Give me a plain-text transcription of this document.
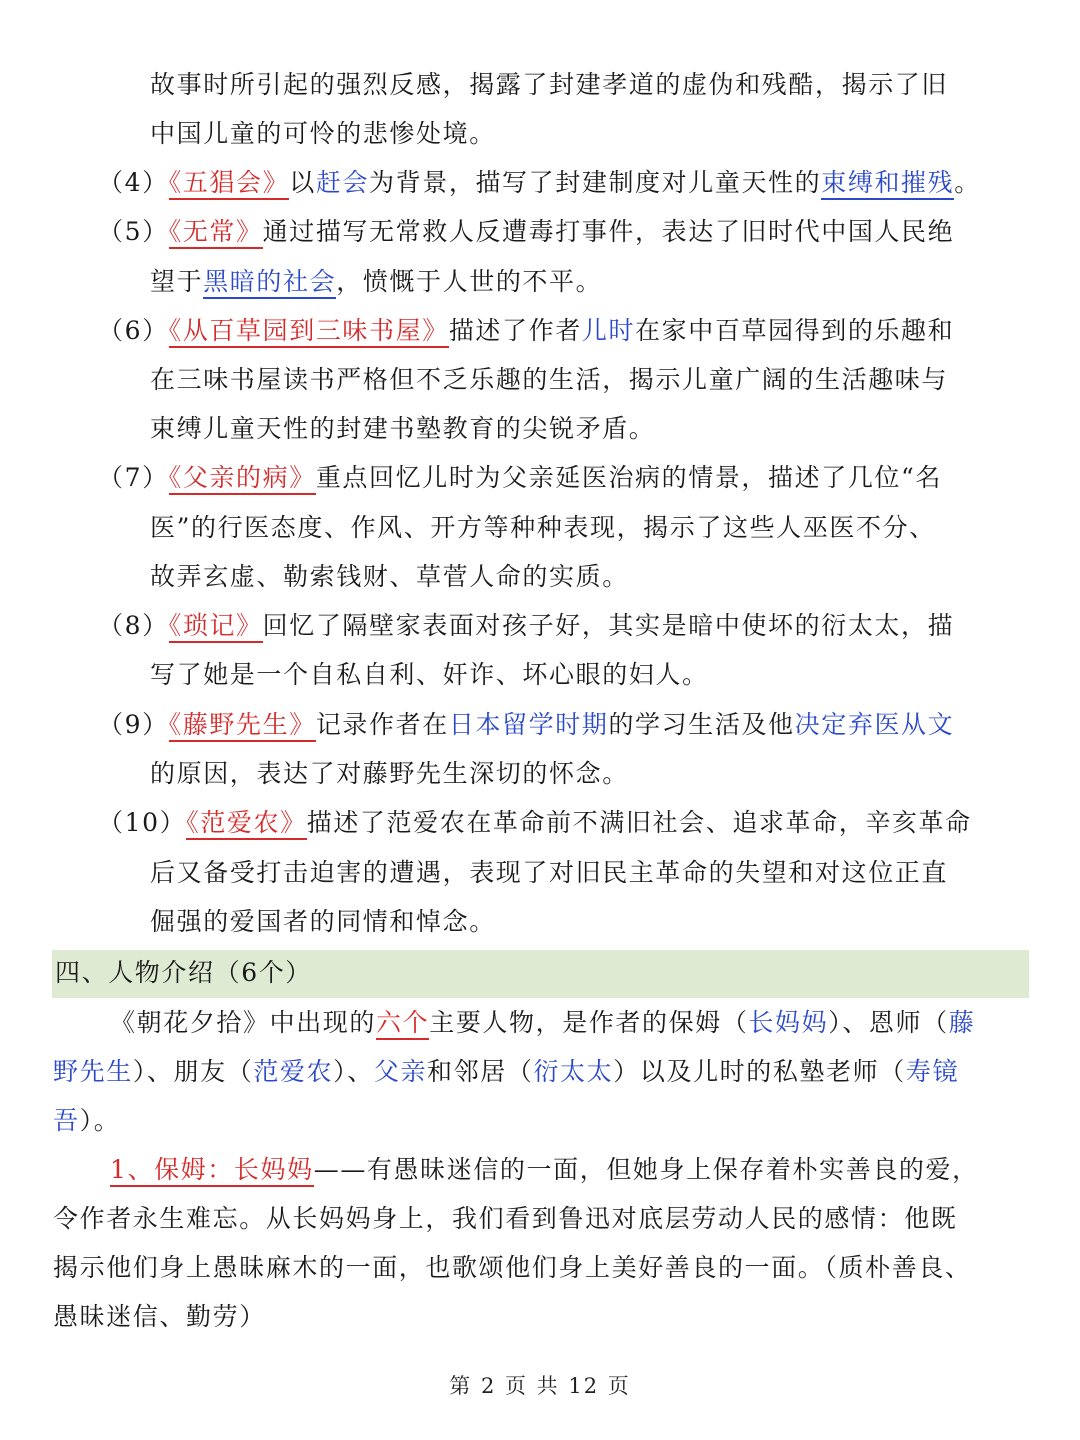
故事时所引起的强烈反感，揭露了封建孝道的虚伪和残酷，揭示了旧
中国儿童的可怜的悲惨处境。
（4）《五猖会》以赶会为背景，描写了封建制度对儿童天性的束缚和摧残。
（5）《无常》通过描写无常救人反遭毒打事件，表达了旧时代中国人民绝
望于黑暗的社会，愤慨于人世的不平。
（6）《从百草园到三味书屋》描述了作者儿时在家中百草园得到的乐趣和
在三味书屋读书严格但不乏乐趣的生活，揭示儿童广阔的生活趣味与
束缚儿童天性的封建书塾教育的尖锐矛盾。
（7）《父亲的病》重点回忆儿时为父亲延医治病的情景，描述了几位“名
医”的行医态度、作风、开方等种种表现，揭示了这些人巫医不分、
故弄玄虚、勒索钱财、草菅人命的实质。
（8）《琐记》回忆了隔壁家表面对孩子好，其实是暗中使坏的衍太太，描
写了她是一个自私自利、奸诈、坏心眼的妇人。
（9）《藤野先生》记录作者在日本留学时期的学习生活及他决定弃医从文
的原因，表达了对藤野先生深切的怀念。
（10）《范爱农》描述了范爱农在革命前不满旧社会、追求革命，辛亥革命
后又备受打击迫害的遭遇，表现了对旧民主革命的失望和对这位正直
倔强的爱国者的同情和悼念。
四、人物介绍（6个）
《朝花夕拾》中出现的六个主要人物，是作者的保姆（长妈妈）、恩师（藤
野先生）、朋友（范爱农）、父亲和邻居（衍太太）以及儿时的私塾老师（寿镜
吾）。
1、保姆：长妈妈——有愚昧迷信的一面，但她身上保存着朴实善良的爱，
令作者永生难忘。从长妈妈身上，我们看到鲁迅对底层劳动人民的感情：他既
揭示他们身上愚昧麻木的一面，也歌颂他们身上美好善良的一面。（质朴善良、
愚昧迷信、勤劳）
第 2 页 共 12 页
